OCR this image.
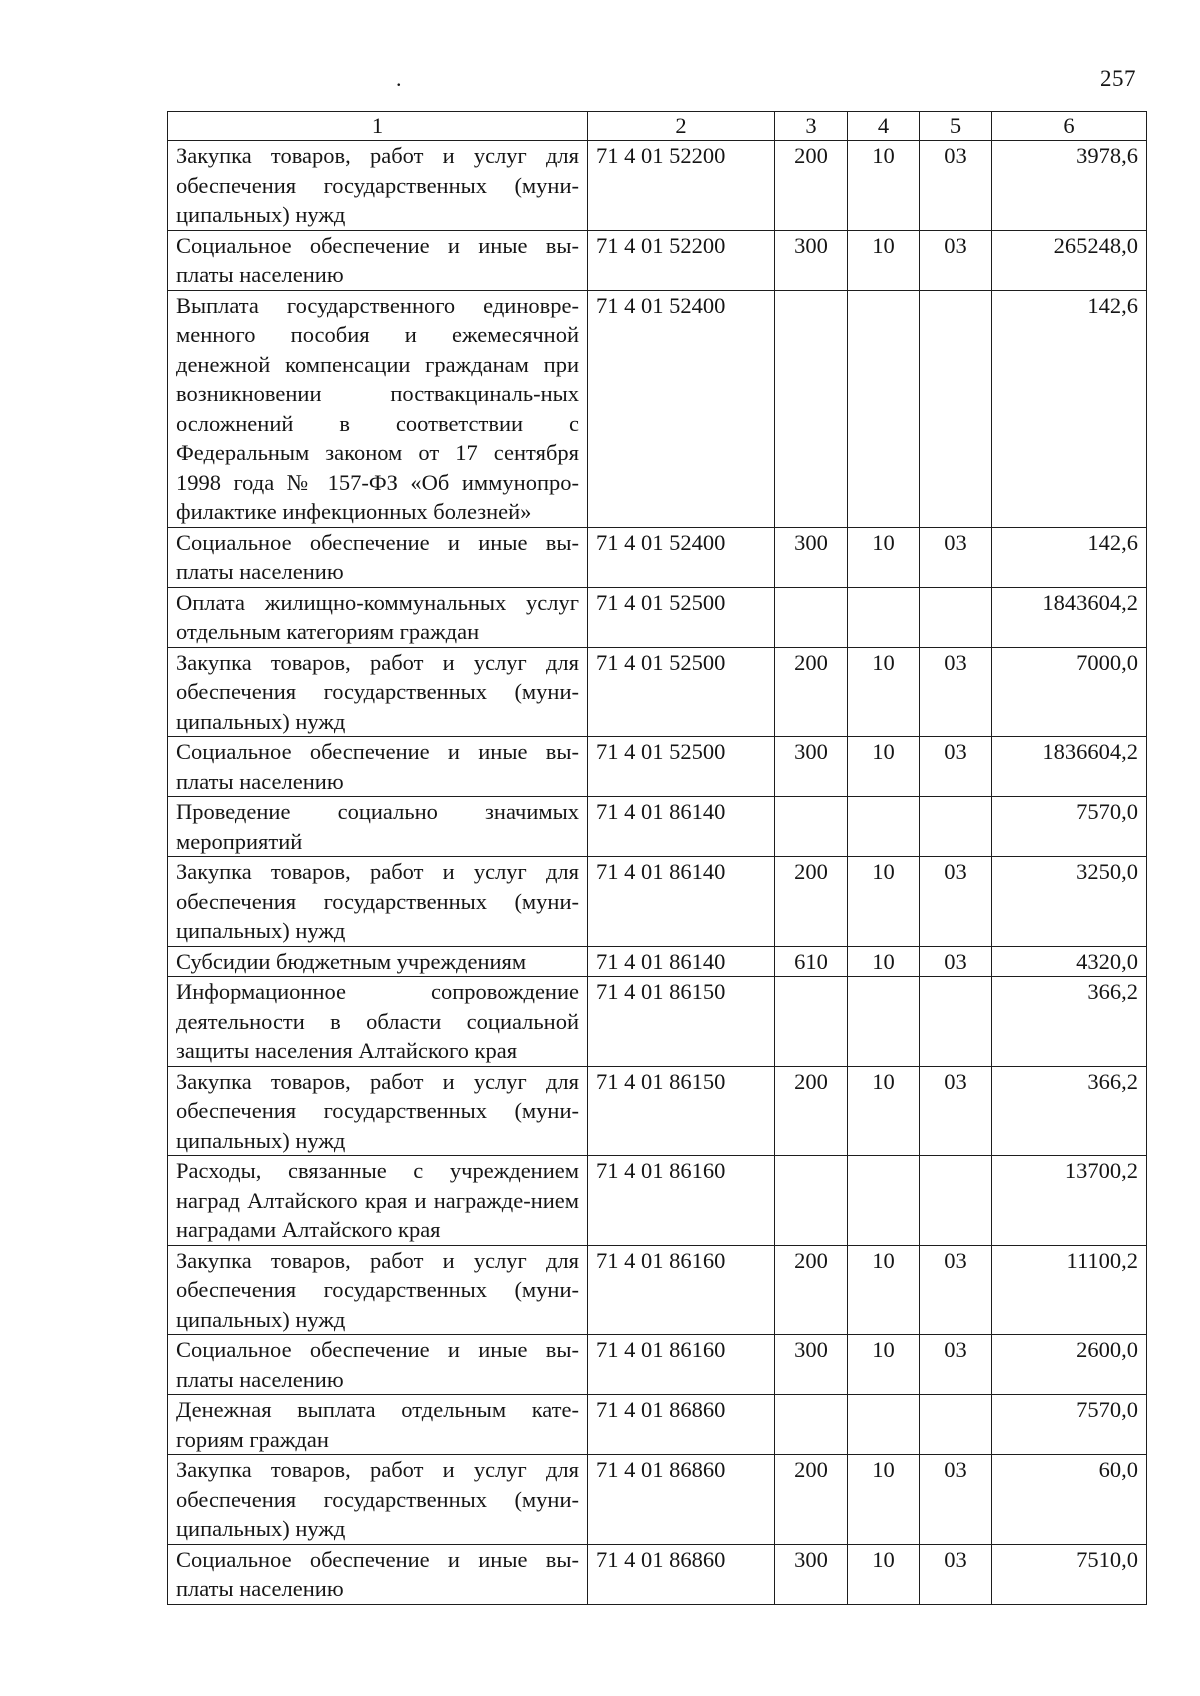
.	257
1	2	3	4	5	6
Закупка товаров, работ и услуг для обеспечения государственных (муни-ципальных) нужд	71 4 01 52200	200	10	03	3978,6
Социальное обеспечение и иные вы-платы населению	71 4 01 52200	300	10	03	265248,0
Выплата государственного единовре-менного пособия и ежемесячной денежной компенсации гражданам при возникновении поствакциналь-ных осложнений в соответствии с Федеральным законом от 17 сентября 1998 года № 157-ФЗ «Об иммунопро-филактике инфекционных болезней»	71 4 01 52400				142,6
Социальное обеспечение и иные вы-платы населению	71 4 01 52400	300	10	03	142,6
Оплата жилищно-коммунальных услуг отдельным категориям граждан	71 4 01 52500				1843604,2
Закупка товаров, работ и услуг для обеспечения государственных (муни-ципальных) нужд	71 4 01 52500	200	10	03	7000,0
Социальное обеспечение и иные вы-платы населению	71 4 01 52500	300	10	03	1836604,2
Проведение социально значимых мероприятий	71 4 01 86140				7570,0
Закупка товаров, работ и услуг для обеспечения государственных (муни-ципальных) нужд	71 4 01 86140	200	10	03	3250,0
Субсидии бюджетным учреждениям	71 4 01 86140	610	10	03	4320,0
Информационное сопровождение деятельности в области социальной защиты населения Алтайского края	71 4 01 86150				366,2
Закупка товаров, работ и услуг для обеспечения государственных (муни-ципальных) нужд	71 4 01 86150	200	10	03	366,2
Расходы, связанные с учреждением наград Алтайского края и награжде-нием наградами Алтайского края	71 4 01 86160				13700,2
Закупка товаров, работ и услуг для обеспечения государственных (муни-ципальных) нужд	71 4 01 86160	200	10	03	11100,2
Социальное обеспечение и иные вы-платы населению	71 4 01 86160	300	10	03	2600,0
Денежная выплата отдельным кате-гориям граждан	71 4 01 86860				7570,0
Закупка товаров, работ и услуг для обеспечения государственных (муни-ципальных) нужд	71 4 01 86860	200	10	03	60,0
Социальное обеспечение и иные вы-платы населению	71 4 01 86860	300	10	03	7510,0
